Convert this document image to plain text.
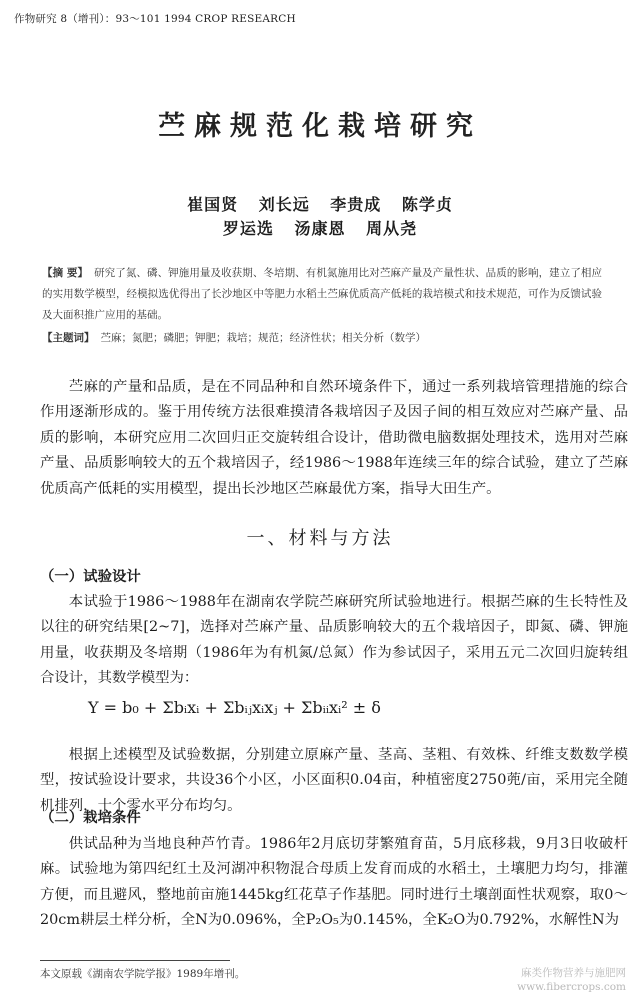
作物研究 8（增刊）：93～101 1994 CROP RESEARCH
苎麻规范化栽培研究
崔国贤 刘长远 李贵成 陈学贞
罗运选 汤康恩 周从尧
【摘 要】 研究了氮、磷、钾施用量及收获期、冬培期、有机氮施用比对苎麻产量及产量性状、品质的影响，建立了相应的实用数学模型，经模拟选优得出了长沙地区中等肥力水稻土苎麻优质高产低耗的栽培模式和技术规范，可作为反馈试验及大面积推广应用的基础。
【主题词】 苎麻；氮肥；磷肥；钾肥；栽培；规范；经济性状；相关分析（数学）
苎麻的产量和品质，是在不同品种和自然环境条件下，通过一系列栽培管理措施的综合作用逐渐形成的。鉴于用传统方法很难摸清各栽培因子及因子间的相互效应对苎麻产量、品质的影响，本研究应用二次回归正交旋转组合设计，借助微电脑数据处理技术，选用对苎麻产量、品质影响较大的五个栽培因子，经1986～1988年连续三年的综合试验，建立了苎麻优质高产低耗的实用模型，提出长沙地区苎麻最优方案，指导大田生产。
一、材料与方法
（一）试验设计
本试验于1986～1988年在湖南农学院苎麻研究所试验地进行。根据苎麻的生长特性及以往的研究结果[2~7]，选择对苎麻产量、品质影响较大的五个栽培因子，即氮、磷、钾施用量，收获期及冬培期（1986年为有机氮/总氮）作为参试因子，采用五元二次回归旋转组合设计，其数学模型为：
Y = b₀ + Σbᵢxᵢ + Σbᵢⱼxᵢxⱼ + Σbᵢᵢxᵢ² ± δ
根据上述模型及试验数据，分别建立原麻产量、茎高、茎粗、有效株、纤维支数数学模型，按试验设计要求，共设36个小区，小区面积0.04亩，种植密度2750蔸/亩，采用完全随机排列，十个零水平分布均匀。
（二）栽培条件
供试品种为当地良种芦竹青。1986年2月底切芽繁殖育苗，5月底移栽，9月3日收破杆麻。试验地为第四纪红土及河湖冲积物混合母质上发育而成的水稻土，土壤肥力均匀，排灌方便，而且避风，整地前亩施1445kg红花草子作基肥。同时进行土壤剖面性状观察，取0～20cm耕层土样分析，全N为0.096%，全P₂O₅为0.145%，全K₂O为0.792%，水解性N为
本文原载《湖南农学院学报》1989年增刊。	麻类作物营养与施肥网
www.fibercrops.com
